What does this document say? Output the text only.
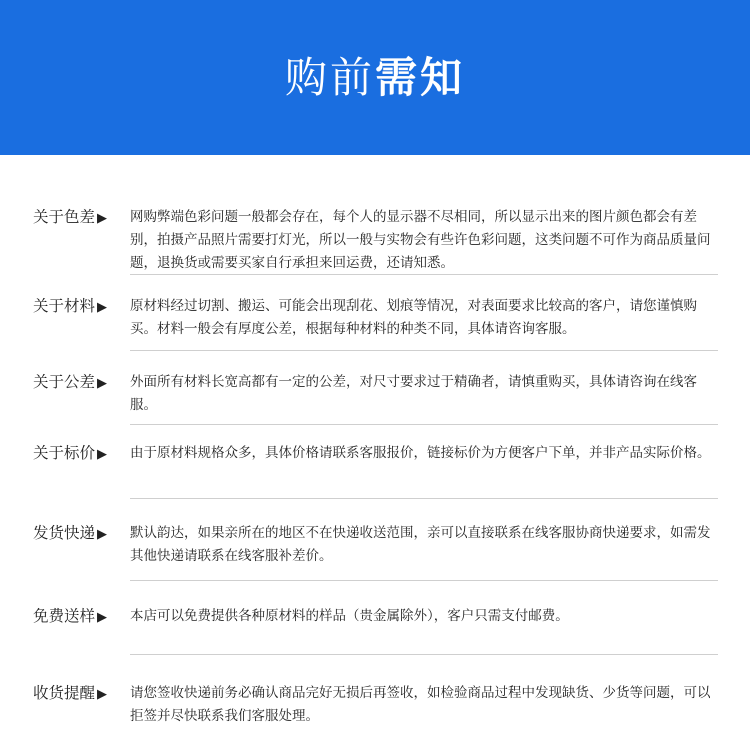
购前需知
关于色差 ▶ 网购弊端色彩问题一般都会存在，每个人的显示器不尽相同，所以显示出来的图片颜色都会有差别，拍摄产品照片需要打灯光，所以一般与实物会有些许色彩问题，这类问题不可作为商品质量问题，退换货或需要买家自行承担来回运费，还请知悉。
关于材料 ▶ 原材料经过切割、搬运、可能会出现刮花、划痕等情况，对表面要求比较高的客户，请您谨慎购买。材料一般会有厚度公差，根据每种材料的种类不同，具体请咨询客服。
关于公差 ▶ 外面所有材料长宽高都有一定的公差，对尺寸要求过于精确者，请慎重购买，具体请咨询在线客服。
关于标价 ▶ 由于原材料规格众多，具体价格请联系客服报价，链接标价为方便客户下单，并非产品实际价格。
发货快递 ▶ 默认韵达，如果亲所在的地区不在快递收送范围，亲可以直接联系在线客服协商快递要求，如需发其他快递请联系在线客服补差价。
免费送样 ▶ 本店可以免费提供各种原材料的样品（贵金属除外），客户只需支付邮费。
收货提醒 ▶ 请您签收快递前务必确认商品完好无损后再签收，如检验商品过程中发现缺货、少货等问题，可以拒签并尽快联系我们客服处理。
